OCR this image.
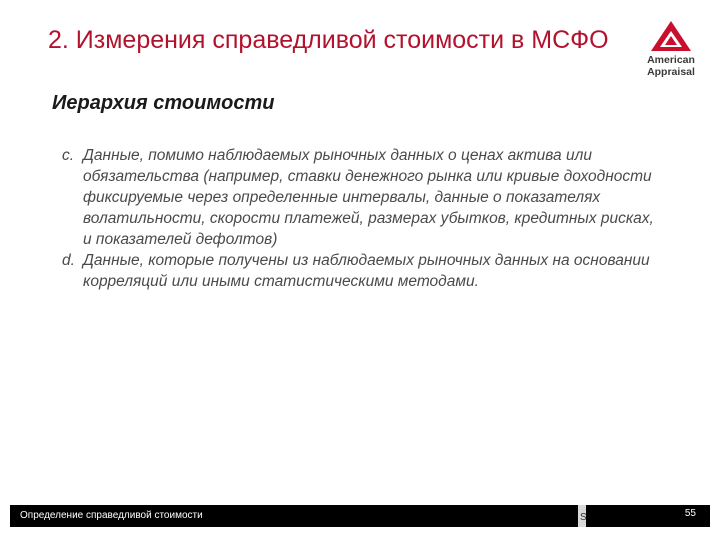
2. Измерения справедливой стоимости в МСФО
American
Appraisal
Иерархия стоимости
c. Данные, помимо наблюдаемых рыночных данных о ценах актива или обязательства (например, ставки денежного рынка или кривые доходности фиксируемые через определенные интервалы, данные о показателях волатильности, скорости платежей, размерах убытков, кредитных рисках, и показателей дефолтов)
d. Данные, которые получены из наблюдаемых рыночных данных на основании корреляций или иными статистическими методами.
Определение справедливой стоимости	S	55
